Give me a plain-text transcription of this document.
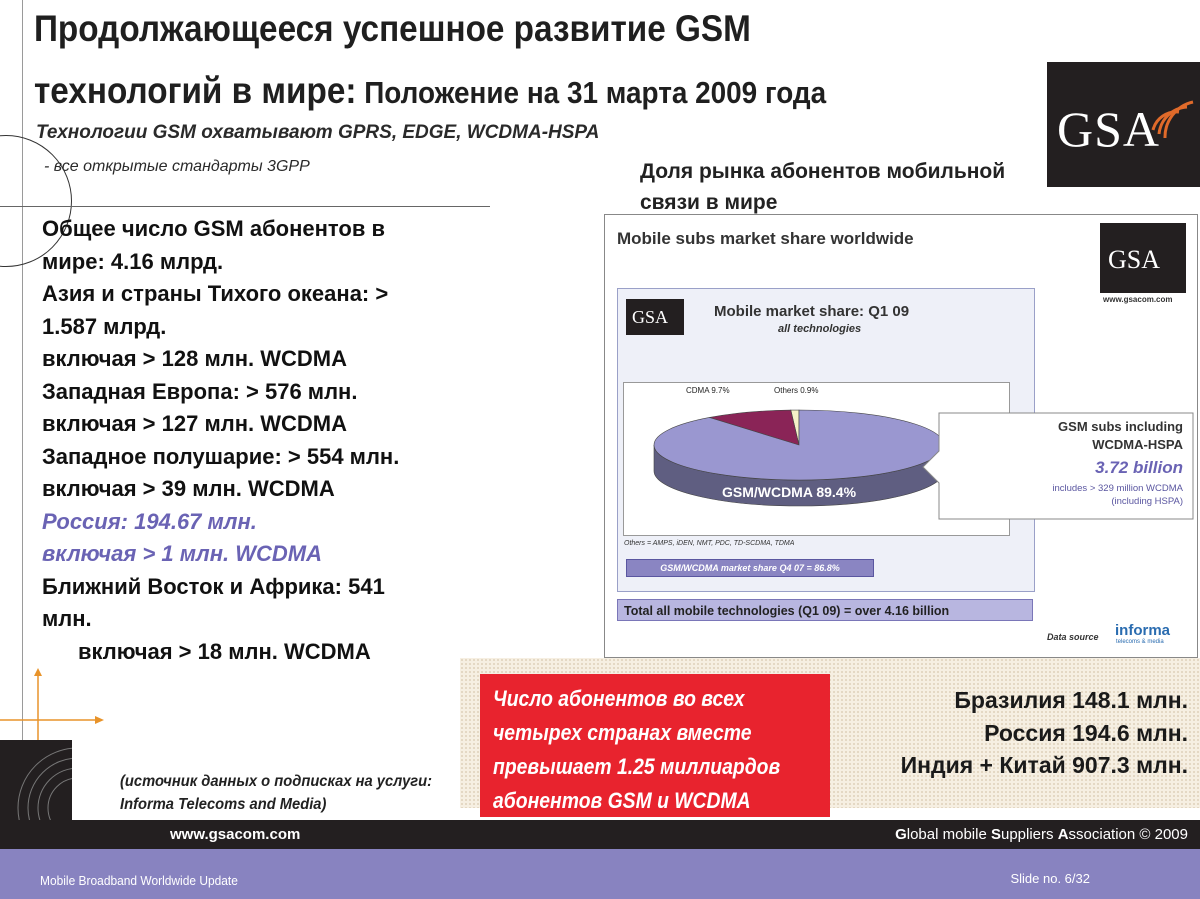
Продолжающееся успешное развитие GSM
технологий в мире: Положение на 31 марта 2009 года
Технологии GSM охватывают GPRS, EDGE, WCDMA-HSPA
- все открытые стандарты 3GPP
GSA
Доля рынка абонентов мобильной связи в мире
Общее число GSM абонентов в
мире: 4.16 млрд.
Азия и страны Тихого океана: >
1.587 млрд.
включая > 128 млн. WCDMA
Западная Европа: > 576 млн.
включая > 127 млн. WCDMA
Западное полушарие: > 554 млн.
включая > 39 млн. WCDMA
Россия: 194.67 млн.
включая > 1 млн. WCDMA
Ближний Восток и Африка: 541
млн.
включая > 18 млн. WCDMA
Mobile subs market share worldwide
GSA
www.gsacom.com
GSA	Mobile market share: Q1 09
all technologies
CDMA 9.7%	Others 0.9%
GSM/WCDMA 89.4%
Others = AMPS, iDEN, NMT, PDC, TD-SCDMA, TDMA
GSM/WCDMA market share Q4 07 = 86.8%
GSM subs including
WCDMA-HSPA
3.72 billion
includes > 329 million WCDMA
(including HSPA)
Total all mobile technologies (Q1 09) = over 4.16 billion
Data source informa
telecoms & media
Число абонентов во всех
четырех странах вместе
превышает 1.25 миллиардов
абонентов GSM и WCDMA
Бразилия 148.1 млн.
Россия 194.6 млн.
Индия + Китай 907.3 млн.
(источник данных о подписках на услуги:
Informa Telecoms and Media)
www.gsacom.com	Global mobile Suppliers Association © 2009
Mobile Broadband Worldwide Update	Slide no. 6/32
